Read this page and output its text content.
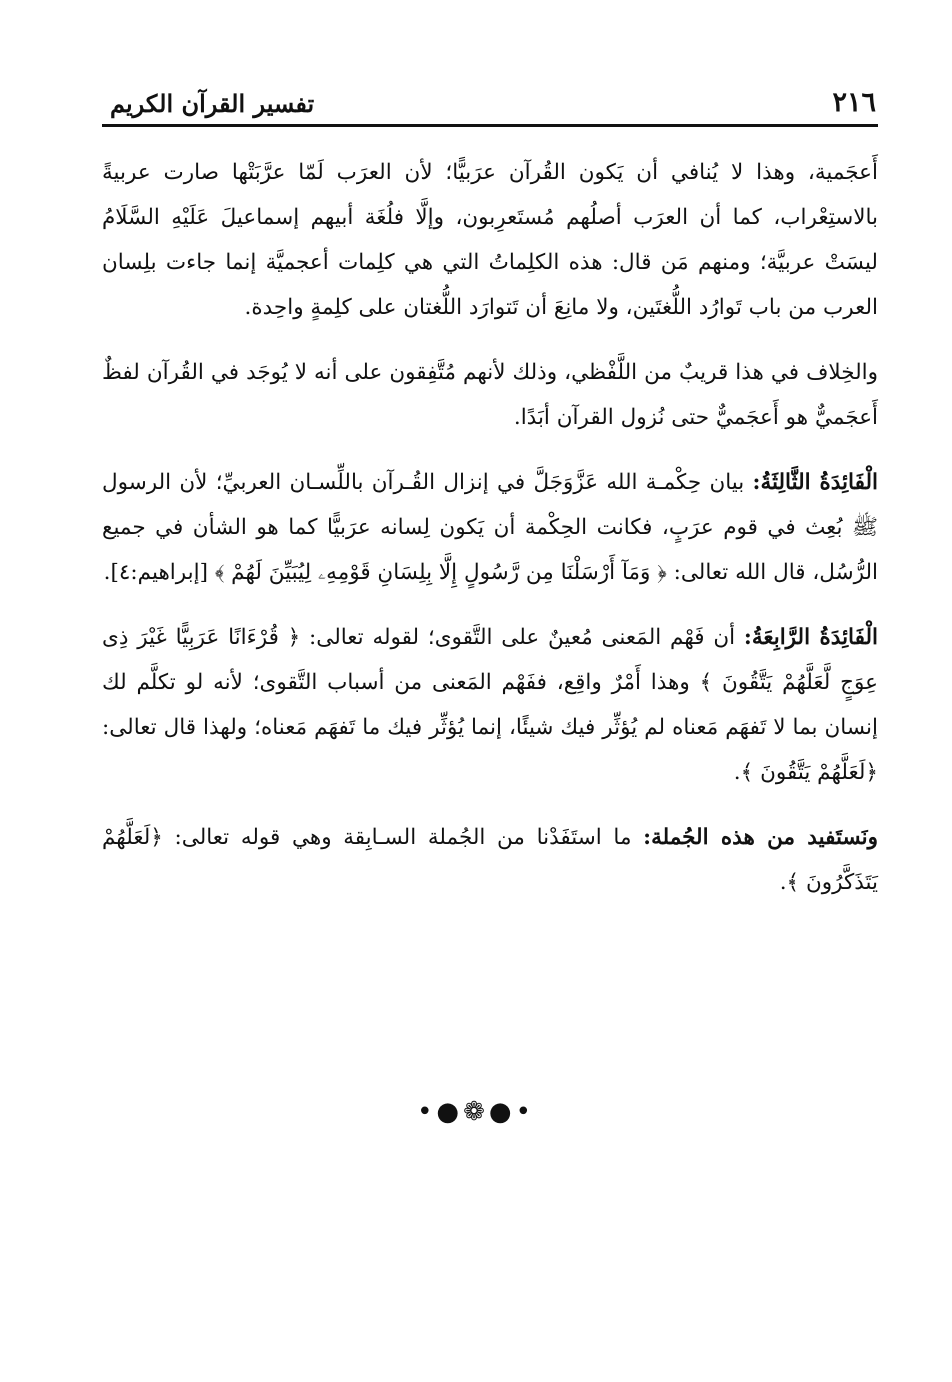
٢١٦
تفسير القرآن الكريم

أَعجَمية، وهذا لا يُنافي أن يَكون القُرآن عرَبيًّا؛ لأن العرَب لَمّا عرَّبَتْها صارت عربيةً بالاستِعْراب، كما أن العرَب أصلُهم مُستَعرِبون، وإلَّا فلُغَة أبيهم إسماعيلَ عَلَيْهِ السَّلَامُ ليسَتْ عربيَّة؛ ومنهم مَن قال: هذه الكلِماتُ التي هي كلِمات أعجميَّة إنما جاءت بلِسان العرب من باب تَوارُد اللُّغتَين، ولا مانِعَ أن تَتوارَد اللُّغتان على كلِمةٍ واحِدة.

والخِلاف في هذا قريبٌ من اللَّفْظي، وذلك لأنهم مُتَّفِقون على أنه لا يُوجَد في القُرآن لفظٌ أَعجَميٌّ هو أَعجَميٌّ حتى نُزول القرآن أبَدًا.

الْفَائِدَةُ الثَّالِثَةُ: بيان حِكْمـة الله عَزَّوَجَلَّ في إنزال القُـرآن باللِّسـان العربيِّ؛ لأن الرسول ﷺ بُعِث في قوم عرَبٍ، فكانت الحِكْمة أن يَكون لِسانه عرَبيًّا كما هو الشأن في جميع الرُّسُل، قال الله تعالى: ﴿ وَمَآ أَرْسَلْنَا مِن رَّسُولٍ إِلَّا بِلِسَانِ قَوْمِهِۦ لِيُبَيِّنَ لَهُمْ ﴾ [إبراهيم:٤].

الْفَائِدَةُ الرَّابِعَةُ: أن فَهْم المَعنى مُعينٌ على التَّقوى؛ لقوله تعالى: ﴿ قُرْءَانًا عَرَبِيًّا غَيْرَ ذِى عِوَجٍ لَّعَلَّهُمْ يَتَّقُونَ ﴾ وهذا أَمْرٌ واقِع، ففَهْم المَعنى من أسباب التَّقوى؛ لأنه لو تكلَّم لك إنسان بما لا تَفهَم مَعناه لم يُؤثِّر فيك شيئًا، إنما يُؤثِّر فيك ما تَفهَم مَعناه؛ ولهذا قال تعالى: ﴿لَعَلَّهُمْ يَتَّقُونَ ﴾.

ونَستَفيد من هذه الجُملة: ما استَفَدْنا من الجُملة السـابِقة وهي قوله تعالى: ﴿لَعَلَّهُمْ يَتَذَكَّرُونَ ﴾.

•●❁●•
